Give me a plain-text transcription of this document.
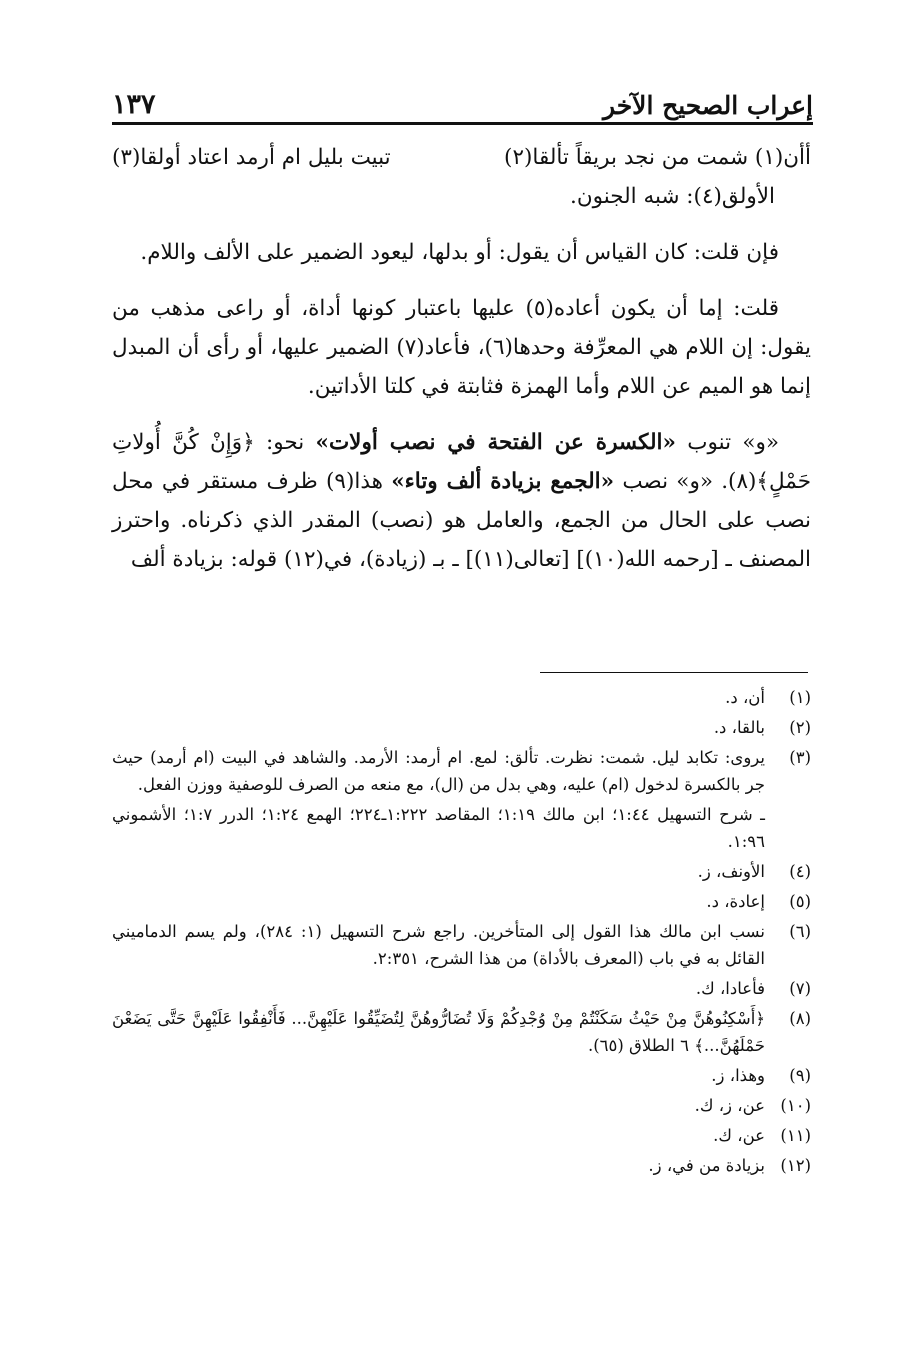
إعراب الصحيح الآخر
١٣٧

أأن(١) شمت من نجد بريقاً تألقا(٢)
تبيت بليل ام أرمد اعتاد أولقا(٣)

الأولق(٤): شبه الجنون.

فإن قلت: كان القياس أن يقول: أو بدلها، ليعود الضمير على الألف واللام.

قلت: إما أن يكون أعاده(٥) عليها باعتبار كونها أداة، أو راعى مذهب من يقول: إن اللام هي المعرِّفة وحدها(٦)، فأعاد(٧) الضمير عليها، أو رأى أن المبدل إنما هو الميم عن اللام وأما الهمزة فثابتة في كلتا الأداتين.

«و» تنوب «الكسرة عن الفتحة في نصب أولات» نحو: ﴿وَإِنْ كُنَّ أُولاتِ حَمْلٍ﴾(٨). «و» نصب «الجمع بزيادة ألف وتاء» هذا(٩) ظرف مستقر في محل نصب على الحال من الجمع، والعامل هو (نصب) المقدر الذي ذكرناه. واحترز المصنف ـ [رحمه الله(١٠)] [تعالى(١١)] ـ بـ (زيادة)، في(١٢) قوله: بزيادة ألف

(١)
أن، د.
(٢)
بالقا، د.
(٣)
يروى: تكابد ليل. شمت: نظرت. تألق: لمع. ام أرمد: الأرمد. والشاهد في البيت (ام أرمد) حيث جر بالكسرة لدخول (ام) عليه، وهي بدل من (ال)، مع منعه من الصرف للوصفية ووزن الفعل.
ـ شرح التسهيل ١:٤٤؛ ابن مالك ١:١٩؛ المقاصد ١:٢٢٢ـ٢٢٤؛ الهمع ١:٢٤؛ الدرر ١:٧؛ الأشموني ١:٩٦.
(٤)
الأونف، ز.
(٥)
إعادة، د.
(٦)
نسب ابن مالك هذا القول إلى المتأخرين. راجع شرح التسهيل (١: ٢٨٤)، ولم يسم الدماميني القائل به في باب (المعرف بالأداة) من هذا الشرح، ٢:٣٥١.
(٧)
فأعادا، ك.
(٨)
﴿أَسْكِنُوهُنَّ مِنْ حَيْثُ سَكَنْتُمْ مِنْ وُجْدِكُمْ وَلَا تُضَارُّوهُنَّ لِتُضَيِّقُوا عَلَيْهِنَّ... فَأَنْفِقُوا عَلَيْهِنَّ حَتَّى يَضَعْنَ حَمْلَهُنَّ...﴾ ٦ الطلاق (٦٥).
(٩)
وهذا، ز.
(١٠)
عن، ز، ك.
(١١)
عن، ك.
(١٢)
بزيادة من في، ز.
